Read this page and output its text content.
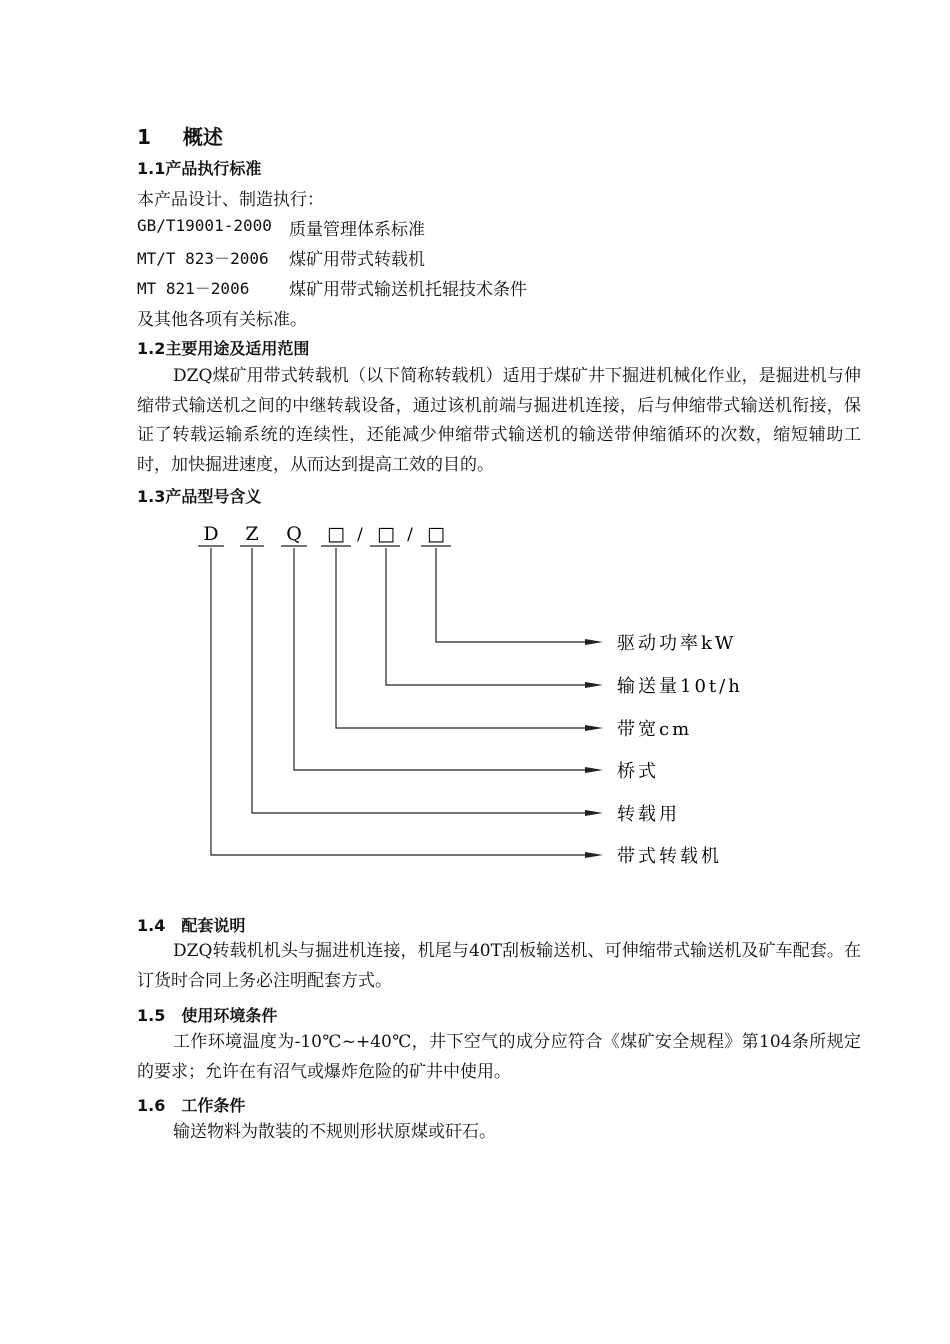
1 概述
1.1产品执行标准
本产品设计、制造执行：
GB/T19001-2000 质量管理体系标准
MT/T 823－2006 煤矿用带式转载机
MT 821－2006 煤矿用带式输送机托辊技术条件
及其他各项有关标准。
1.2主要用途及适用范围
DZQ煤矿用带式转载机（以下简称转载机）适用于煤矿井下掘进机械化作业，是掘进机与伸缩带式输送机之间的中继转载设备，通过该机前端与掘进机连接，后与伸缩带式输送机衔接，保证了转载运输系统的连续性，还能减少伸缩带式输送机的输送带伸缩循环的次数，缩短辅助工时，加快掘进速度，从而达到提高工效的目的。
1.3产品型号含义
D Z Q □ / □ / □
驱动功率kW
输送量10t/h
带宽cm
桥式
转载用
带式转载机
1.4　配套说明
DZQ转载机机头与掘进机连接，机尾与40T刮板输送机、可伸缩带式输送机及矿车配套。在订货时合同上务必注明配套方式。
1.5　使用环境条件
工作环境温度为-10℃~+40℃，井下空气的成分应符合《煤矿安全规程》第104条所规定的要求；允许在有沼气或爆炸危险的矿井中使用。
1.6　工作条件
输送物料为散装的不规则形状原煤或矸石。
